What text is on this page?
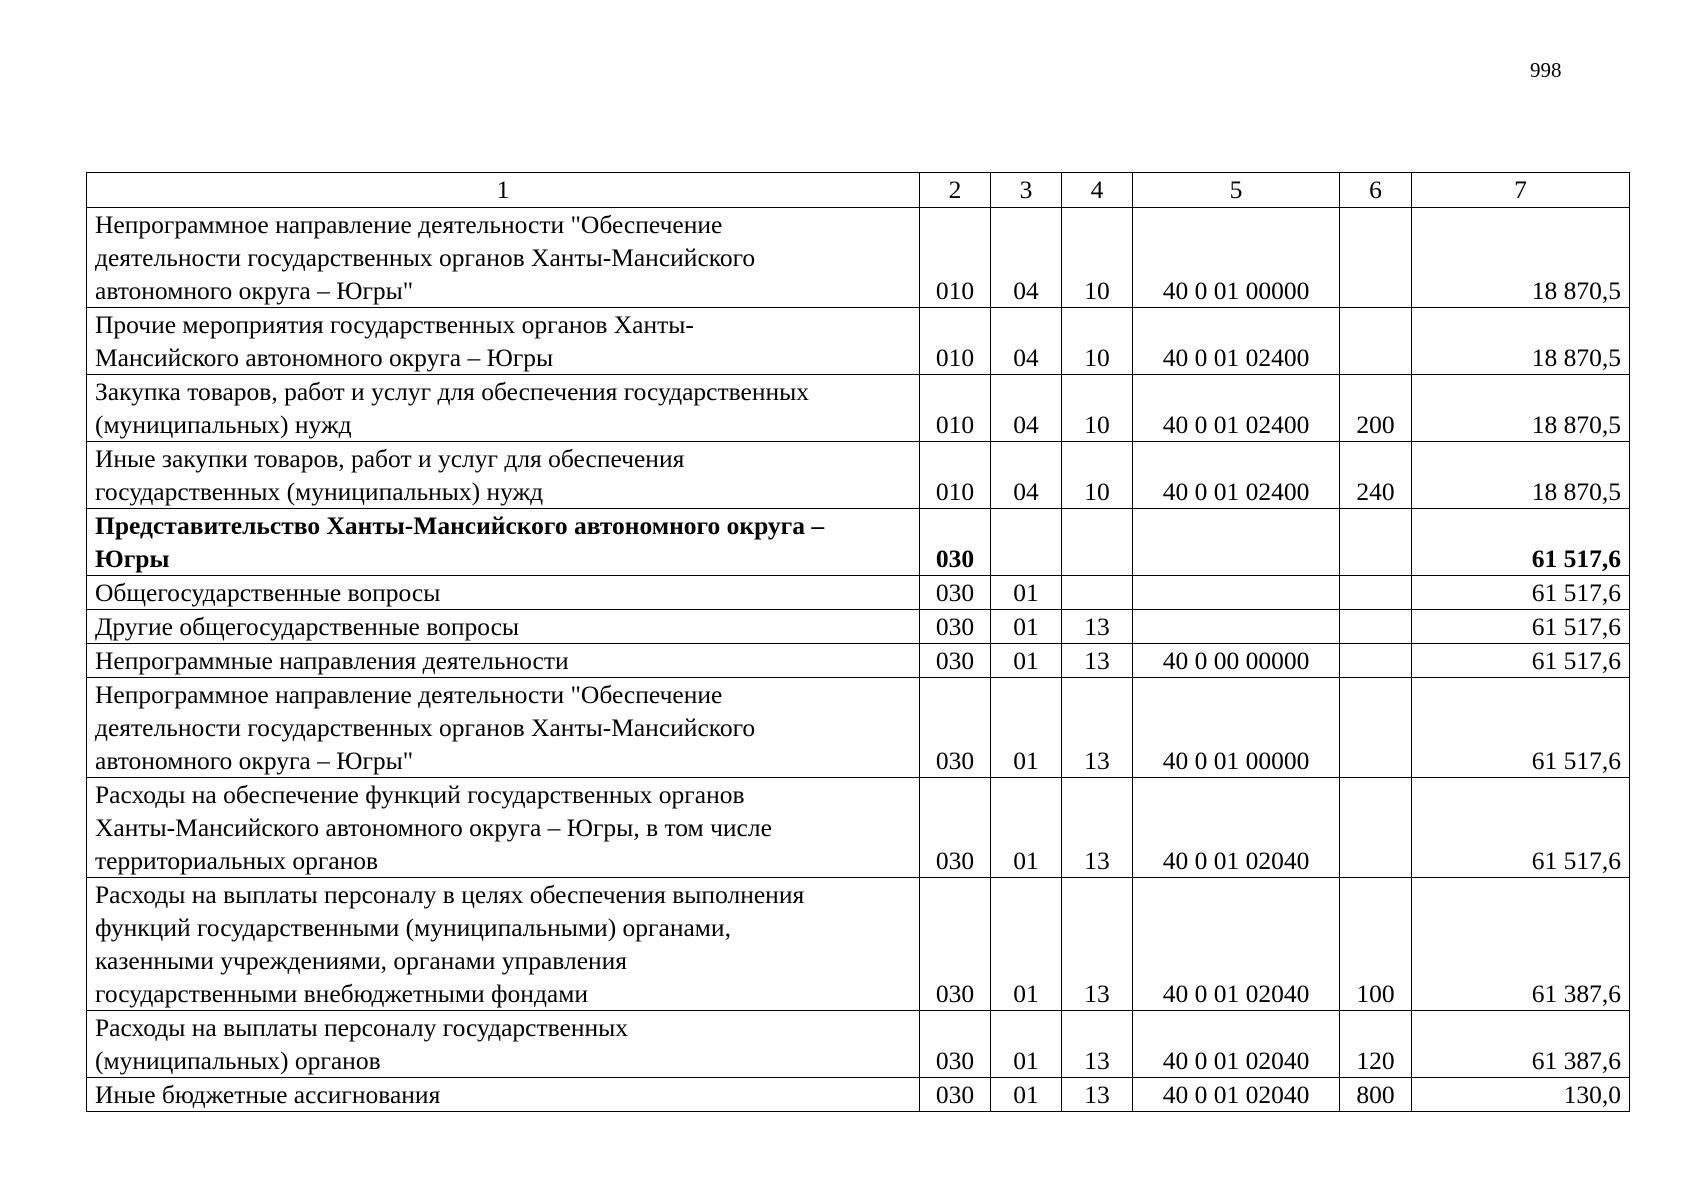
998
1	2	3	4	5	6	7

Непрограммное направление деятельности "Обеспечение
деятельности государственных органов Ханты-Мансийского
автономного округа – Югры"	010	04	10	40 0 01 00000		18 870,5

Прочие мероприятия государственных органов Ханты-
Мансийского автономного округа – Югры	010	04	10	40 0 01 02400		18 870,5

Закупка товаров, работ и услуг для обеспечения государственных
(муниципальных) нужд	010	04	10	40 0 01 02400	200	18 870,5

Иные закупки товаров, работ и услуг для обеспечения
государственных (муниципальных) нужд	010	04	10	40 0 01 02400	240	18 870,5

Представительство Ханты-Мансийского автономного округа –
Югры	030					61 517,6

Общегосударственные вопросы	030	01				61 517,6

Другие общегосударственные вопросы	030	01	13			61 517,6

Непрограммные направления деятельности	030	01	13	40 0 00 00000		61 517,6

Непрограммное направление деятельности "Обеспечение
деятельности государственных органов Ханты-Мансийского
автономного округа – Югры"	030	01	13	40 0 01 00000		61 517,6

Расходы на обеспечение функций государственных органов
Ханты-Мансийского автономного округа – Югры, в том числе
территориальных органов	030	01	13	40 0 01 02040		61 517,6

Расходы на выплаты персоналу в целях обеспечения выполнения
функций государственными (муниципальными) органами,
казенными учреждениями, органами управления
государственными внебюджетными фондами	030	01	13	40 0 01 02040	100	61 387,6

Расходы на выплаты персоналу государственных
(муниципальных) органов	030	01	13	40 0 01 02040	120	61 387,6

Иные бюджетные ассигнования	030	01	13	40 0 01 02040	800	130,0
